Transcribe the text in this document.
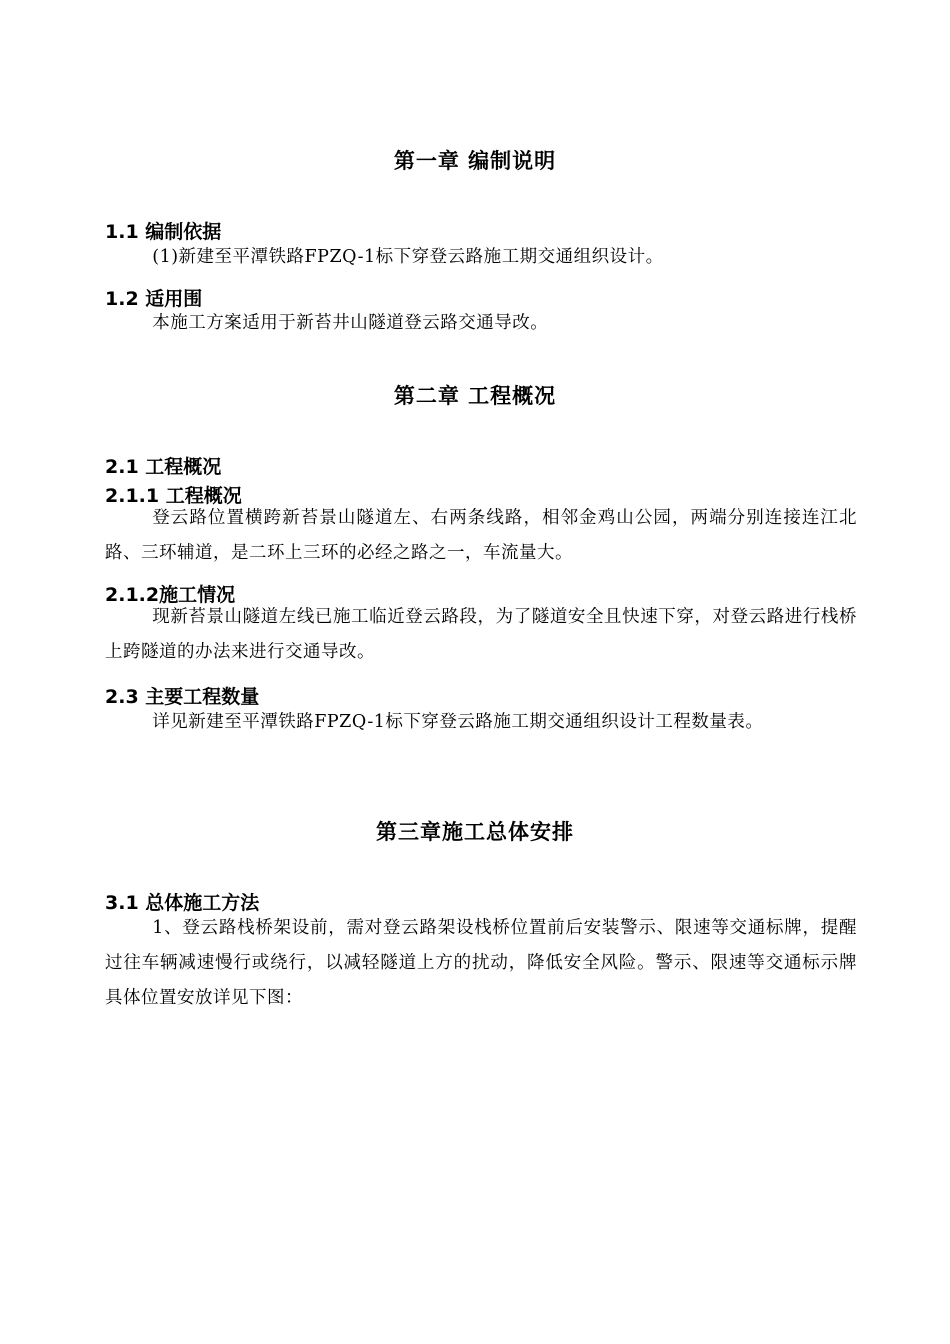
第一章 编制说明
1.1 编制依据

(1)新建至平潭铁路FPZQ-1标下穿登云路施工期交通组织设计。

1.2 适用围

本施工方案适用于新苔井山隧道登云路交通导改。

第二章 工程概况
2.1 工程概况
2.1.1 工程概况

登云路位置横跨新苔景山隧道左、右两条线路，相邻金鸡山公园，两端分别连接连江北路、三环辅道，是二环上三环的必经之路之一，车流量大。

2.1.2施工情况

现新苔景山隧道左线已施工临近登云路段，为了隧道安全且快速下穿，对登云路进行栈桥上跨隧道的办法来进行交通导改。

2.3 主要工程数量

详见新建至平潭铁路FPZQ-1标下穿登云路施工期交通组织设计工程数量表。

第三章施工总体安排
3.1 总体施工方法

1、登云路栈桥架设前，需对登云路架设栈桥位置前后安装警示、限速等交通标牌，提醒过往车辆减速慢行或绕行，以减轻隧道上方的扰动，降低安全风险。警示、限速等交通标示牌具体位置安放详见下图：
